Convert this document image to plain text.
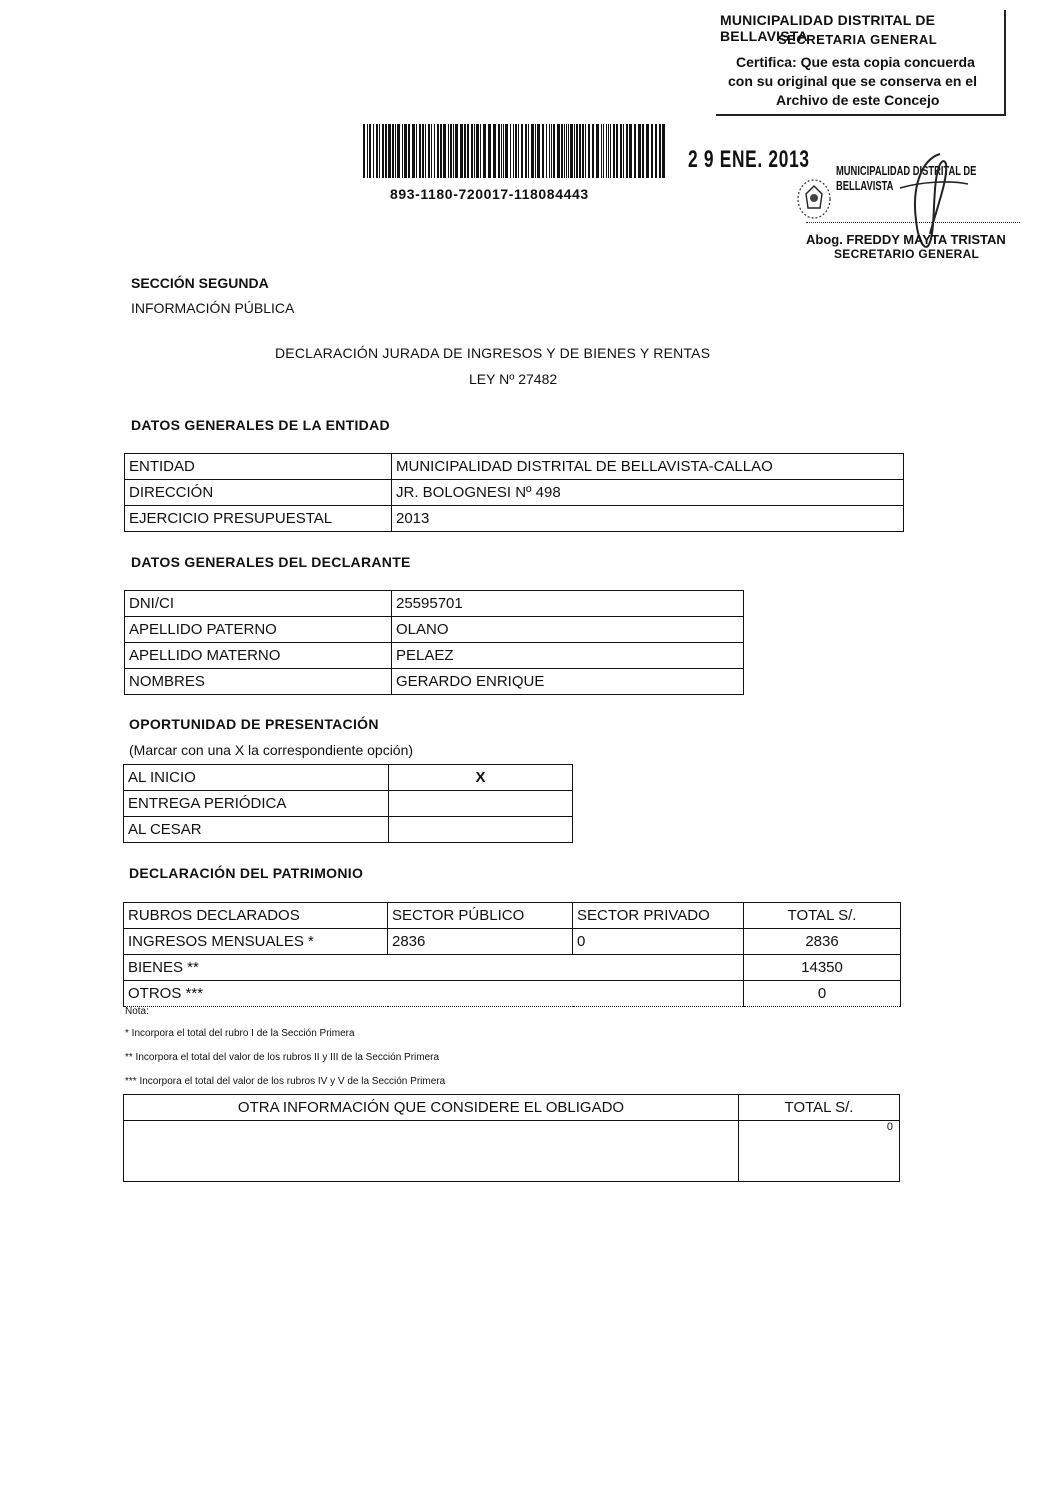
MUNICIPALIDAD DISTRITAL DE BELLAVISTA
SECRETARIA GENERAL
Certifica: Que esta copia concuerda
con su original que se conserva en el
Archivo de este Concejo
893-1180-720017-118084443
2 9 ENE. 2013 MUNICIPALIDAD DISTRITAL DE BELLAVISTA
Abog. FREDDY MAYTA TRISTAN
SECRETARIO GENERAL
SECCIÓN SEGUNDA
INFORMACIÓN PÚBLICA
DECLARACIÓN JURADA DE INGRESOS Y DE BIENES Y RENTAS
LEY Nº 27482
DATOS GENERALES DE LA ENTIDAD
ENTIDAD	MUNICIPALIDAD DISTRITAL DE BELLAVISTA-CALLAO
DIRECCIÓN	JR. BOLOGNESI Nº 498
EJERCICIO PRESUPUESTAL	2013
DATOS GENERALES DEL DECLARANTE
DNI/CI	25595701
APELLIDO PATERNO	OLANO
APELLIDO MATERNO	PELAEZ
NOMBRES	GERARDO ENRIQUE
OPORTUNIDAD DE PRESENTACIÓN
(Marcar con una X la correspondiente opción)
AL INICIO	X
ENTREGA PERIÓDICA	
AL CESAR	
DECLARACIÓN DEL PATRIMONIO
RUBROS DECLARADOS	SECTOR PÚBLICO	SECTOR PRIVADO	TOTAL S/.
INGRESOS MENSUALES *	2836	0	2836
BIENES **			14350
OTROS ***			0
Nota:
* Incorpora el total del rubro I de la Sección Primera
** Incorpora el total del valor de los rubros II y III de la Sección Primera
*** Incorpora el total del valor de los rubros IV y V de la Sección Primera
OTRA INFORMACIÓN QUE CONSIDERE EL OBLIGADO	TOTAL S/.
	0
